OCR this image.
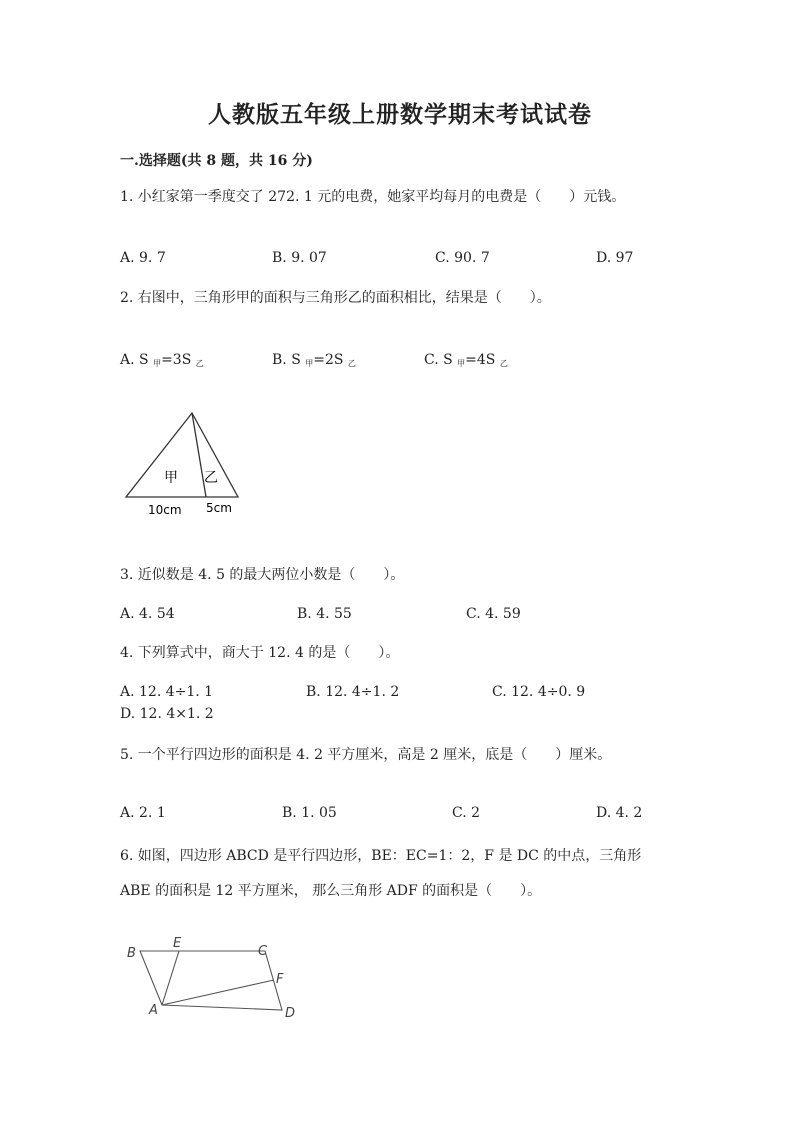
人教版五年级上册数学期末考试试卷
一.选择题(共 8 题，共 16 分)
1. 小红家第一季度交了 272. 1 元的电费，她家平均每月的电费是（　　）元钱。
A. 9. 7	B. 9. 07	C. 90. 7	D. 97
2. 右图中，三角形甲的面积与三角形乙的面积相比，结果是（　　）。
A. S $_甲$=3S $_乙$	B. S $_甲$=2S $_乙$	C. S $_甲$=4S $_乙$
甲 乙
10cm 5cm
3. 近似数是 4. 5 的最大两位小数是（　　）。
A. 4. 54	B. 4. 55	C. 4. 59
4. 下列算式中，商大于 12. 4 的是（　　）。
A. 12. 4÷1. 1	B. 12. 4÷1. 2	C. 12. 4÷0. 9
D. 12. 4×1. 2
5. 一个平行四边形的面积是 4. 2 平方厘米，高是 2 厘米，底是（　　）厘米。
A. 2. 1	B. 1. 05	C. 2	D. 4. 2
6. 如图，四边形 ABCD 是平行四边形，BE：EC=1：2，F 是 DC 的中点，三角形
ABE 的面积是 12 平方厘米， 那么三角形 ADF 的面积是（　　）。
B
E
C
F
A	D
